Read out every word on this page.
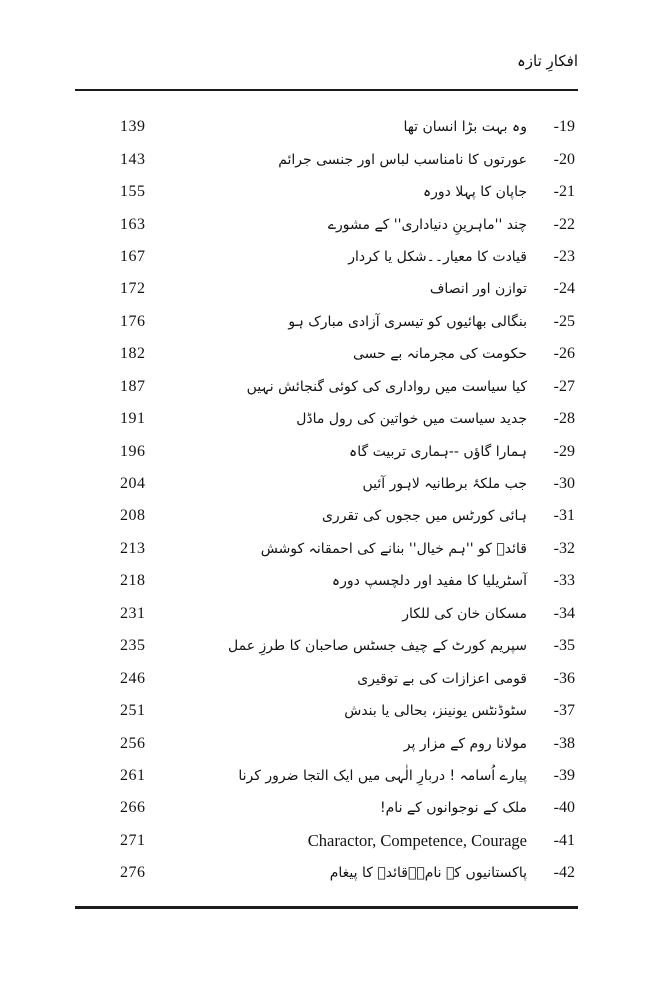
افکارِ تازہ
139	وہ بہت بڑا انسان تھا	-19
143	عورتوں کا نامناسب لباس اور جنسی جرائم	-20
155	جاپان کا پہلا دورہ	-21
163	چند ''ماہرینِ دنیاداری'' کے مشورے	-22
167	قیادت کا معیار۔۔شکل یا کردار	-23
172	توازن اور انصاف	-24
176	بنگالی بھائیوں کو تیسری آزادی مبارک ہو	-25
182	حکومت کی مجرمانہ بے حسی	-26
187	کیا سیاست میں رواداری کی کوئی گنجائش نہیں	-27
191	جدید سیاست میں خواتین کی رول ماڈل	-28
196	ہمارا گاؤں --ہماری تربیت گاہ	-29
204	جب ملکۂ برطانیہ لاہور آئیں	-30
208	ہائی کورٹس میں ججوں کی تقرری	-31
213	قائدؒ کو ''ہم خیال'' بنانے کی احمقانہ کوشش	-32
218	آسٹریلیا کا مفید اور دلچسپ دورہ	-33
231	مسکان خان کی للکار	-34
235	سپریم کورٹ کے چیف جسٹس صاحبان کا طرزِ عمل	-35
246	قومی اعزازات کی بے توقیری	-36
251	سٹوڈنٹس یونینز، بحالی یا بندش	-37
256	مولانا روم کے مزار پر	-38
261	پیارے اُسامہ ! دربارِ الٰہی میں ایک التجا ضرور کرنا	-39
266	ملک کے نوجوانوں کے نام!	-40
271	Charactor, Competence, Courage	-41
276	پاکستانیوں کے نام۔۔قائدؒ کا پیغام	-42
